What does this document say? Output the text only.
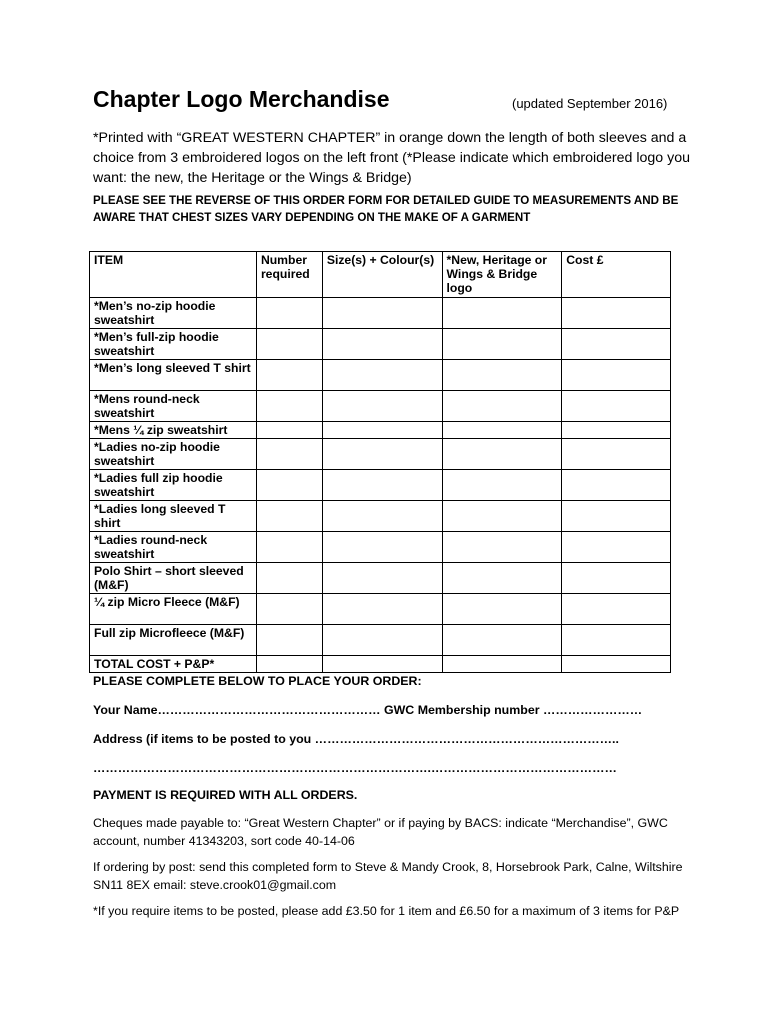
Chapter Logo Merchandise	(updated September 2016)
*Printed with “GREAT WESTERN CHAPTER” in orange down the length of both sleeves and a choice from 3 embroidered logos on the left front (*Please indicate which embroidered logo you want: the new, the Heritage or the Wings & Bridge)
PLEASE SEE THE REVERSE OF THIS ORDER FORM FOR DETAILED GUIDE TO MEASUREMENTS AND BE AWARE THAT CHEST SIZES VARY DEPENDING ON THE MAKE OF A GARMENT
ITEM	Number required	Size(s) + Colour(s)	*New, Heritage or Wings & Bridge logo	Cost £
*Men’s no-zip hoodie sweatshirt				
*Men’s full-zip hoodie sweatshirt				
*Men’s long sleeved T shirt				
*Mens round-neck sweatshirt				
*Mens ¼ zip sweatshirt				
*Ladies no-zip hoodie sweatshirt				
*Ladies full zip hoodie sweatshirt				
*Ladies long sleeved T shirt				
*Ladies round-neck sweatshirt				
Polo Shirt – short sleeved (M&F)				
¼ zip Micro Fleece (M&F)				
Full zip Microfleece (M&F)				
TOTAL COST + P&P*				
PLEASE COMPLETE BELOW TO PLACE YOUR ORDER:
Your Name……………………………………………… GWC Membership number ……………………
Address (if items to be posted to you ………………………………………………………………..
……………………………………………………………………….………………………………………
PAYMENT IS REQUIRED WITH ALL ORDERS.
Cheques made payable to: “Great Western Chapter” or if paying by BACS: indicate “Merchandise”, GWC account, number 41343203, sort code 40-14-06
If ordering by post: send this completed form to Steve & Mandy Crook, 8, Horsebrook Park, Calne, Wiltshire SN11 8EX email: steve.crook01@gmail.com
*If you require items to be posted, please add £3.50 for 1 item and £6.50 for a maximum of 3 items for P&P
